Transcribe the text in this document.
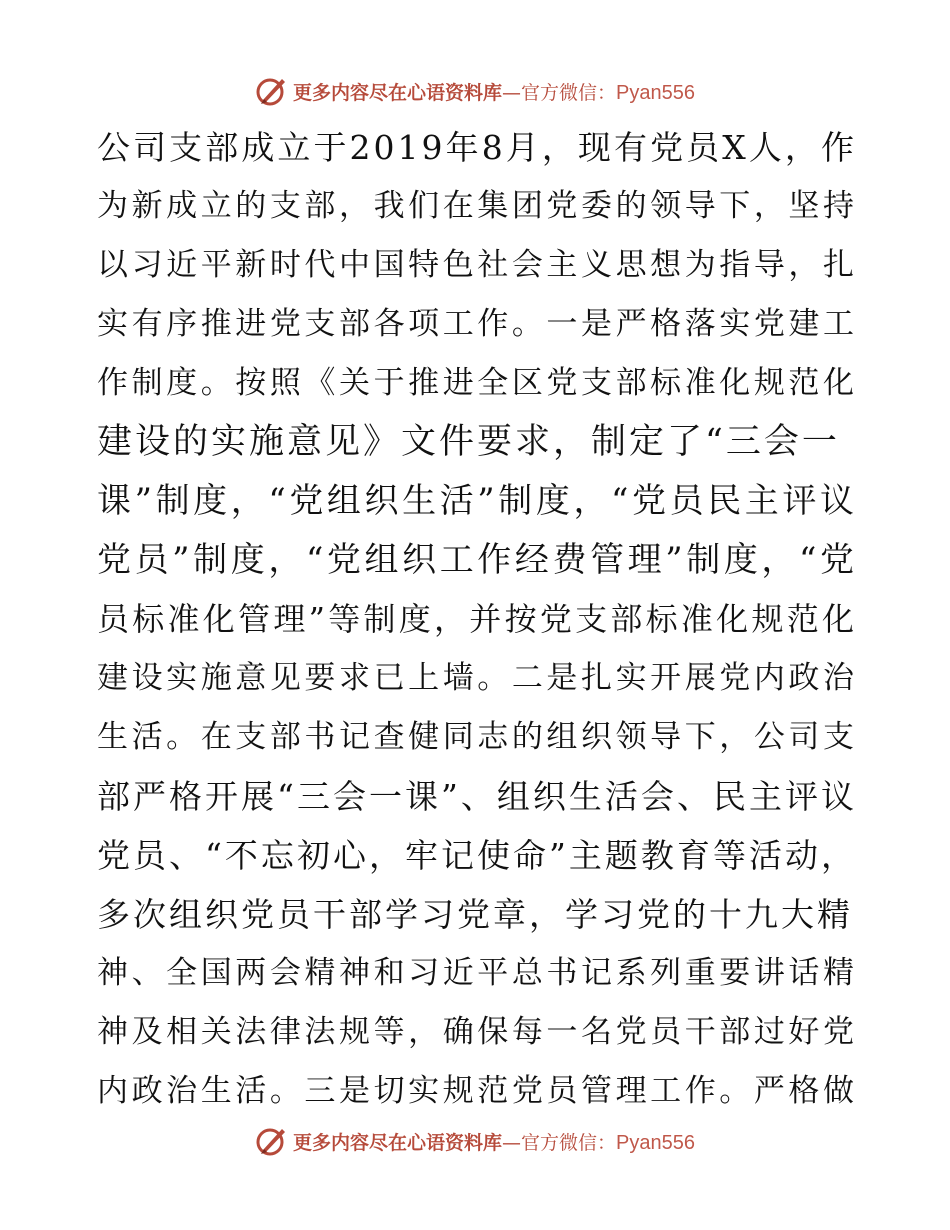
更多内容尽在心语资料库—官方微信：Pyan556
公司支部成立于2019年8月，现有党员X人，作
为新成立的支部，我们在集团党委的领导下，坚持
以习近平新时代中国特色社会主义思想为指导，扎
实有序推进党支部各项工作。一是严格落实党建工
作制度。按照《关于推进全区党支部标准化规范化
建设的实施意见》文件要求，制定了“三会一
课”制度，“党组织生活”制度，“党员民主评议
党员”制度，“党组织工作经费管理”制度，“党
员标准化管理”等制度，并按党支部标准化规范化
建设实施意见要求已上墙。二是扎实开展党内政治
生活。在支部书记查健同志的组织领导下，公司支
部严格开展“三会一课”、组织生活会、民主评议
党员、“不忘初心，牢记使命”主题教育等活动，
多次组织党员干部学习党章，学习党的十九大精
神、全国两会精神和习近平总书记系列重要讲话精
神及相关法律法规等，确保每一名党员干部过好党
内政治生活。三是切实规范党员管理工作。严格做
更多内容尽在心语资料库—官方微信：Pyan556
